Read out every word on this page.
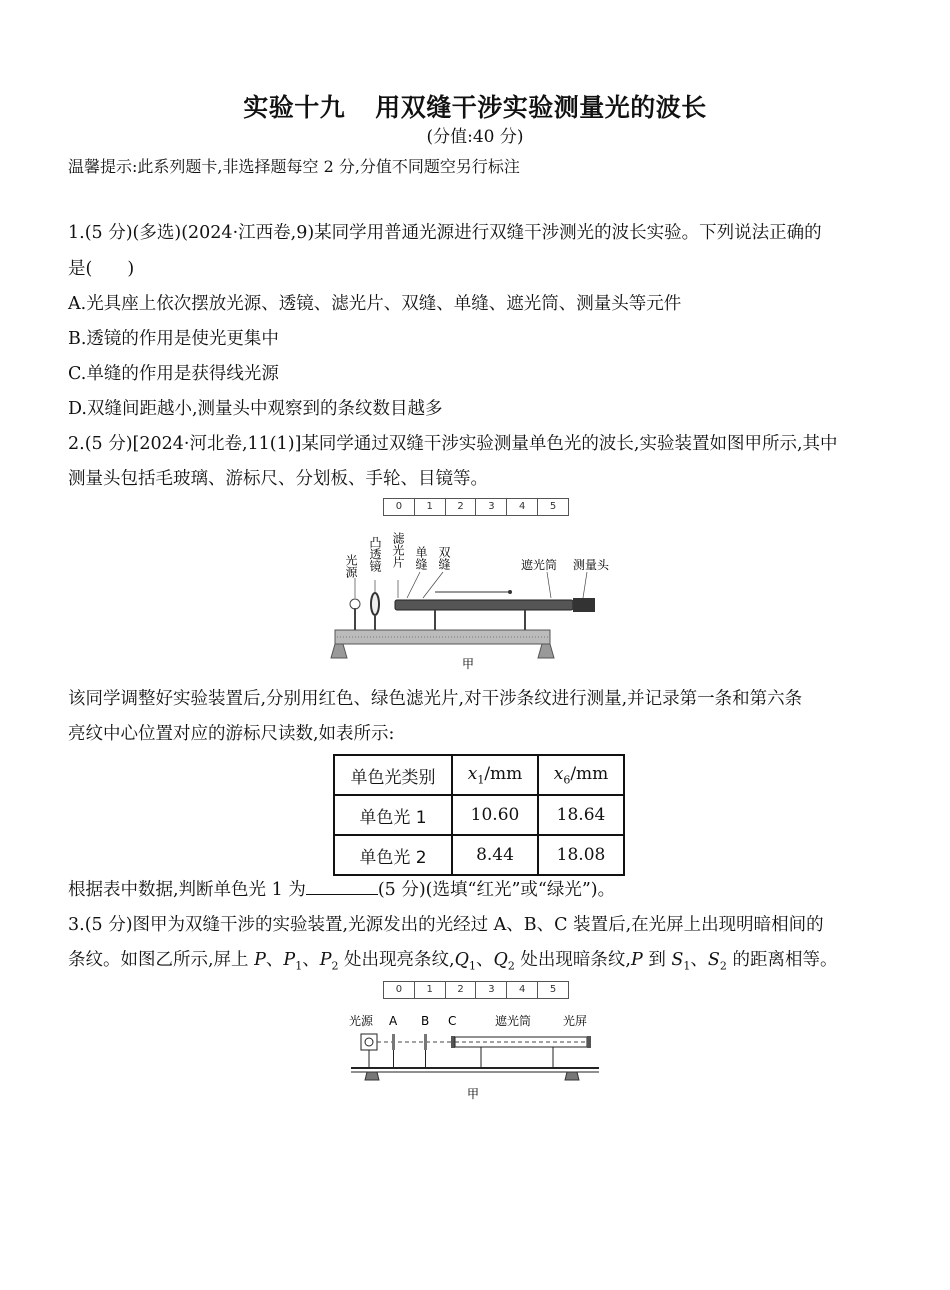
实验十九 用双缝干涉实验测量光的波长
(分值:40 分)
温馨提示:此系列题卡,非选择题每空 2 分,分值不同题空另行标注
1.(5 分)(多选)(2024·江西卷,9)某同学用普通光源进行双缝干涉测光的波长实验。下列说法正确的
是(　　)
A.光具座上依次摆放光源、透镜、滤光片、双缝、单缝、遮光筒、测量头等元件
B.透镜的作用是使光更集中
C.单缝的作用是获得线光源
D.双缝间距越小,测量头中观察到的条纹数目越多
2.(5 分)[2024·河北卷,11(1)]某同学通过双缝干涉实验测量单色光的波长,实验装置如图甲所示,其中
测量头包括毛玻璃、游标尺、分划板、手轮、目镜等。
0	1	2	3	4	5
光源 凸透镜 滤光片 单缝 双缝	遮光筒 测量头
甲
该同学调整好实验装置后,分别用红色、绿色滤光片,对干涉条纹进行测量,并记录第一条和第六条
亮纹中心位置对应的游标尺读数,如表所示:
单色光类别	$x_1/mm$	$x_6/mm$
单色光 1	10.60	18.64
单色光 2	8.44	18.08
根据表中数据,判断单色光 1 为	(5 分)(选填“红光”或“绿光”)。
3.(5 分)图甲为双缝干涉的实验装置,光源发出的光经过 A、B、C 装置后,在光屏上出现明暗相间的
条纹。如图乙所示,屏上 P、$P_1$、$P_2$ 处出现亮条纹$,Q_1$、$Q_2$ 处出现暗条纹,P 到 $S_1$、$S_2$ 的距离相等。
0	1	2	3	4	5
光源 A B C	遮光筒	光屏
甲
